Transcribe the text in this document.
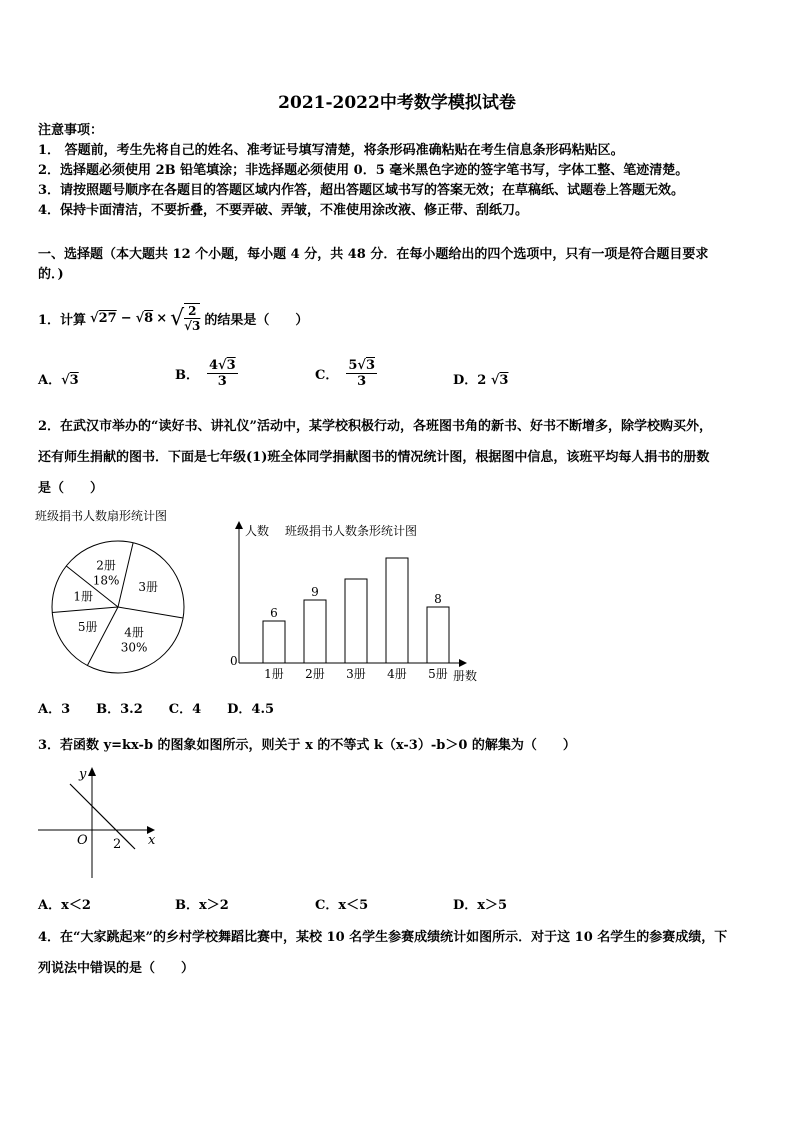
2021-2022中考数学模拟试卷
注意事项：
1． 答题前，考生先将自己的姓名、准考证号填写清楚，将条形码准确粘贴在考生信息条形码粘贴区。
2．选择题必须使用 2B 铅笔填涂；非选择题必须使用 0．5 毫米黑色字迹的签字笔书写，字体工整、笔迹清楚。
3．请按照题号顺序在各题目的答题区域内作答，超出答题区域书写的答案无效；在草稿纸、试题卷上答题无效。
4．保持卡面清洁，不要折叠，不要弄破、弄皱，不准使用涂改液、修正带、刮纸刀。
一、选择题（本大题共 12 个小题，每小题 4 分，共 48 分．在每小题给出的四个选项中，只有一项是符合题目要求
的．)
1．计算 √ 27 − √ 8 × √ $\frac{2}{√3}$ 的结果是（　　）
A．√3	B． $\frac{4√3}{3}$	C． $\frac{5√3}{3}$	D．2 √3
2．在武汉市举办的“读好书、讲礼仪”活动中，某学校积极行动，各班图书角的新书、好书不断增多，除学校购买外，
还有师生捐献的图书．下面是七年级(1)班全体同学捐献图书的情况统计图，根据图中信息，该班平均每人捐书的册数
是（　　）
班级捐书人数扇形统计图
2册
18% 3册
4册
30%
5册
1册
人数 班级捐书人数条形统计图
0
册数
6
1册
9
2册 3册 4册
8
5册
A．3　　B．3.2　　C．4　　D．4.5
3．若函数 y=kx-b 的图象如图所示，则关于 x 的不等式 k（x-3）-b＞0 的解集为（　　）
y
x
O 2
A．x＜2	B．x＞2	C．x＜5	D．x＞5
4．在“大家跳起来”的乡村学校舞蹈比赛中，某校 10 名学生参赛成绩统计如图所示．对于这 10 名学生的参赛成绩，下
列说法中错误的是（　　）
